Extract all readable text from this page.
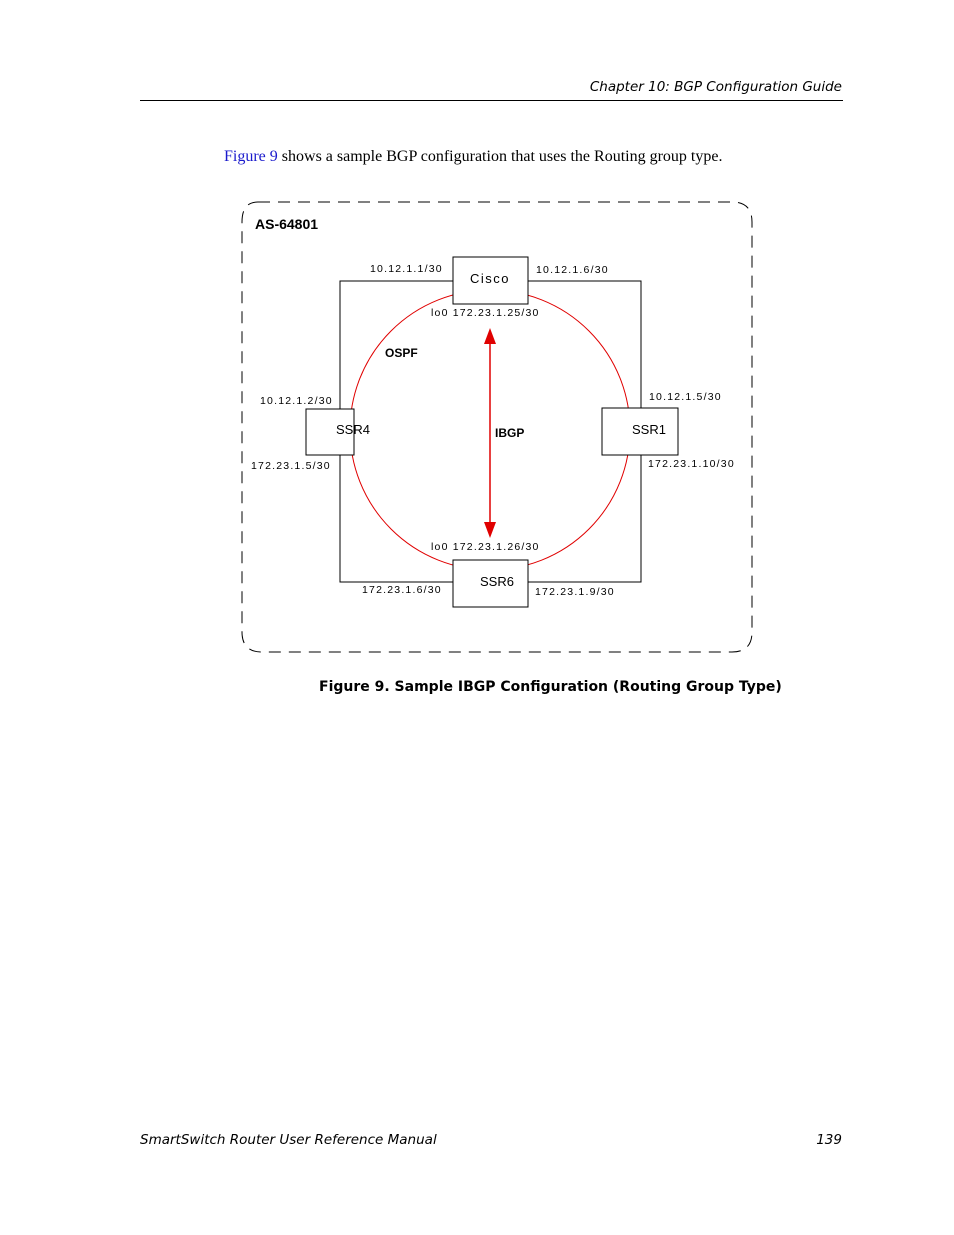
Chapter 10: BGP Configuration Guide
Figure 9 shows a sample BGP configuration that uses the Routing group type.
Cisco
SSR4	SSR1
SSR6
AS-64801
OSPF
IBGP
10.12.1.1/30	10.12.1.6/30
lo0 172.23.1.25/30
10.12.1.2/30
172.23.1.5/30
10.12.1.5/30
172.23.1.10/30
lo0 172.23.1.26/30
172.23.1.6/30	172.23.1.9/30
Figure 9. Sample IBGP Configuration (Routing Group Type)
SmartSwitch Router User Reference Manual	139
